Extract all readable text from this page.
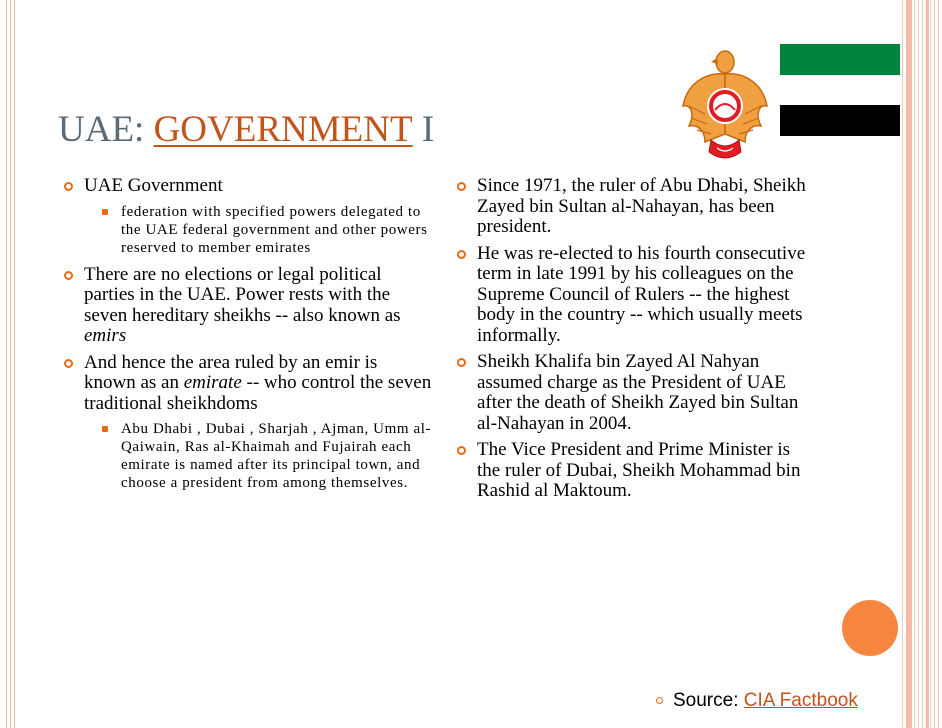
UAE: GOVERNMENT I

UAE Government

federation with specified powers delegated to the UAE federal government and other powers reserved to member emirates

There are no elections or legal political parties in the UAE. Power rests with the seven hereditary sheikhs -- also known as emirs

And hence the area ruled by an emir is known as an emirate -- who control the seven traditional sheikhdoms

Abu Dhabi , Dubai , Sharjah , Ajman, Umm al-Qaiwain, Ras al-Khaimah and Fujairah each emirate is named after its principal town, and choose a president from among themselves.

Since 1971, the ruler of Abu Dhabi, Sheikh Zayed bin Sultan al-Nahayan, has been president.

He was re-elected to his fourth consecutive term in late 1991 by his colleagues on the Supreme Council of Rulers -- the highest body in the country -- which usually meets informally.

Sheikh Khalifa bin Zayed Al Nahyan assumed charge as the President of UAE after the death of Sheikh Zayed bin Sultan al-Nahayan in 2004.

The Vice President and Prime Minister is the ruler of Dubai, Sheikh Mohammad bin Rashid al Maktoum.

Source: CIA Factbook
